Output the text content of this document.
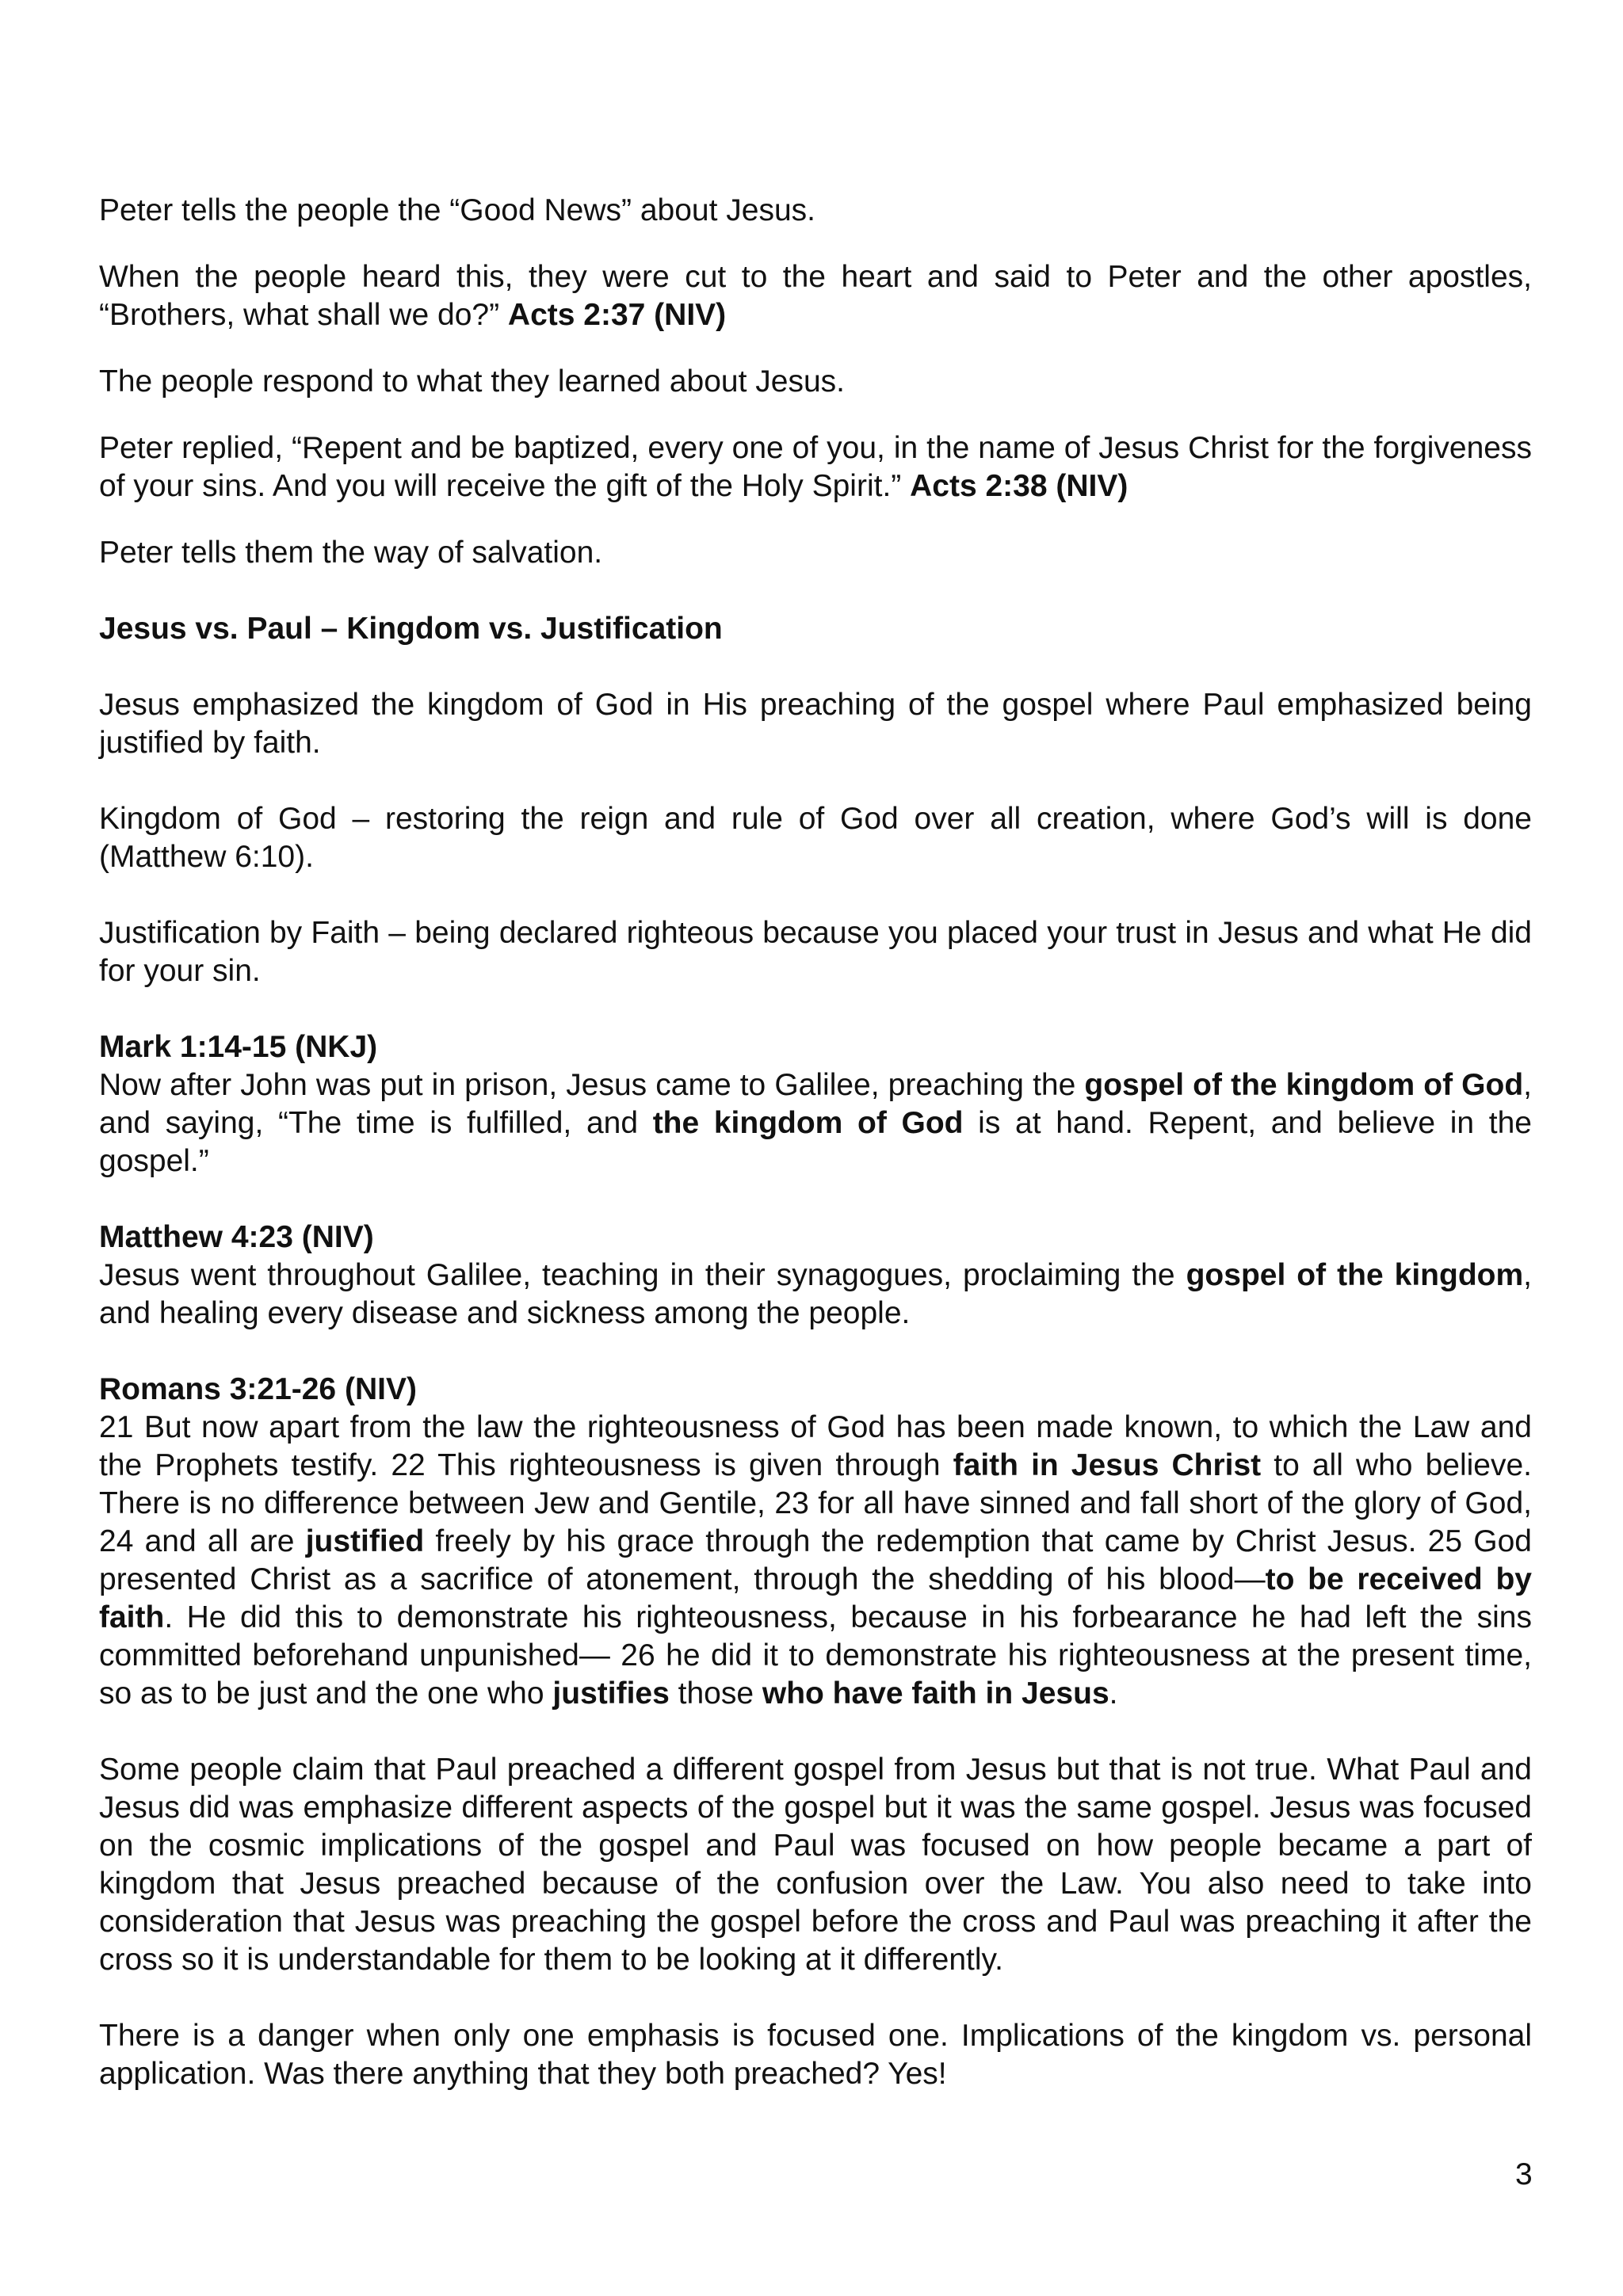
Peter tells the people the “Good News” about Jesus.

When the people heard this, they were cut to the heart and said to Peter and the other apostles, “Brothers, what shall we do?” Acts 2:37 (NIV)

The people respond to what they learned about Jesus.

Peter replied, “Repent and be baptized, every one of you, in the name of Jesus Christ for the forgiveness of your sins. And you will receive the gift of the Holy Spirit.” Acts 2:38 (NIV)

Peter tells them the way of salvation.

Jesus vs. Paul – Kingdom vs. Justification

Jesus emphasized the kingdom of God in His preaching of the gospel where Paul emphasized being justified by faith.

Kingdom of God – restoring the reign and rule of God over all creation, where God’s will is done (Matthew 6:10).

Justification by Faith – being declared righteous because you placed your trust in Jesus and what He did for your sin.

Mark 1:14-15 (NKJ)

Now after John was put in prison, Jesus came to Galilee, preaching the gospel of the kingdom of God, and saying, “The time is fulfilled, and the kingdom of God is at hand. Repent, and believe in the gospel.”

Matthew 4:23 (NIV)

Jesus went throughout Galilee, teaching in their synagogues, proclaiming the gospel of the kingdom, and healing every disease and sickness among the people.

Romans 3:21-26 (NIV)

21 But now apart from the law the righteousness of God has been made known, to which the Law and the Prophets testify. 22 This righteousness is given through faith in Jesus Christ to all who believe. There is no difference between Jew and Gentile, 23 for all have sinned and fall short of the glory of God, 24 and all are justified freely by his grace through the redemption that came by Christ Jesus. 25 God presented Christ as a sacrifice of atonement, through the shedding of his blood—to be received by faith. He did this to demonstrate his righteousness, because in his forbearance he had left the sins committed beforehand unpunished— 26 he did it to demonstrate his righteousness at the present time, so as to be just and the one who justifies those who have faith in Jesus.

Some people claim that Paul preached a different gospel from Jesus but that is not true. What Paul and Jesus did was emphasize different aspects of the gospel but it was the same gospel. Jesus was focused on the cosmic implications of the gospel and Paul was focused on how people became a part of kingdom that Jesus preached because of the confusion over the Law. You also need to take into consideration that Jesus was preaching the gospel before the cross and Paul was preaching it after the cross so it is understandable for them to be looking at it differently.

There is a danger when only one emphasis is focused one. Implications of the kingdom vs. personal application. Was there anything that they both preached? Yes!

3
